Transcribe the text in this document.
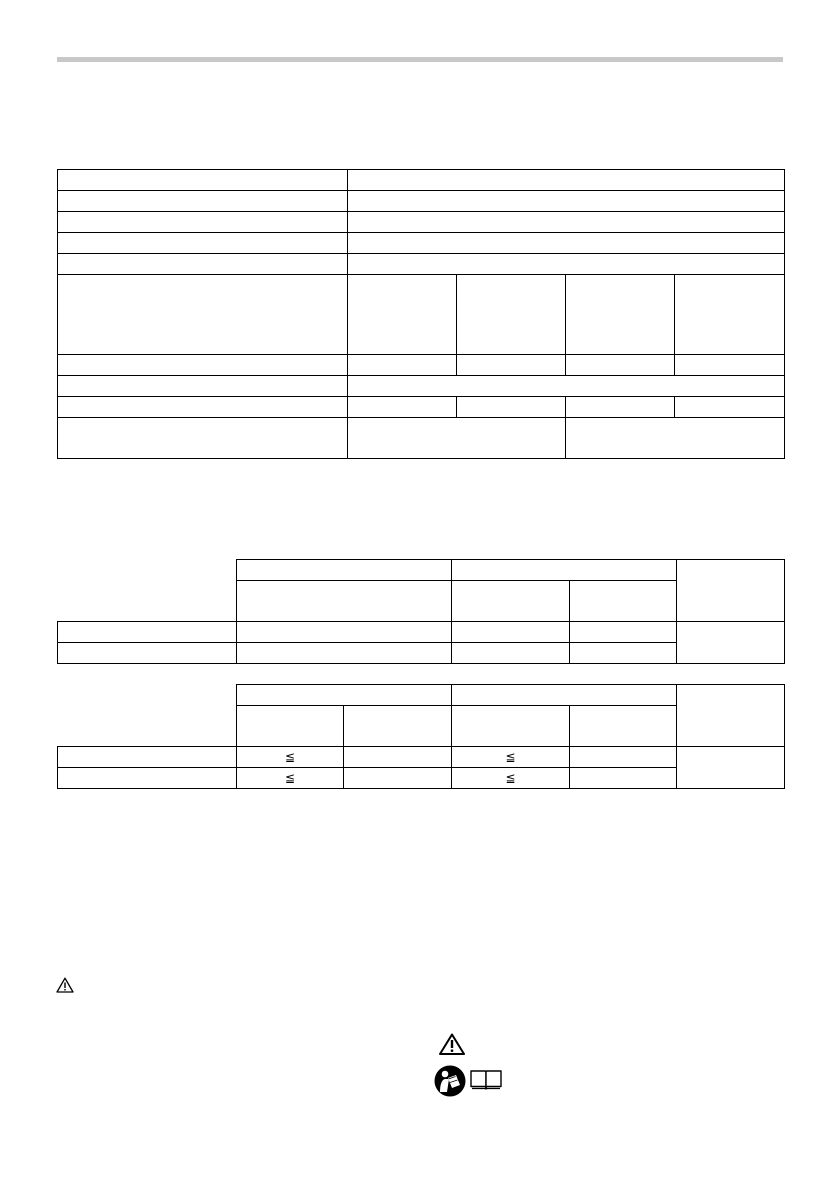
	≦		≦		
	≦		≦		
